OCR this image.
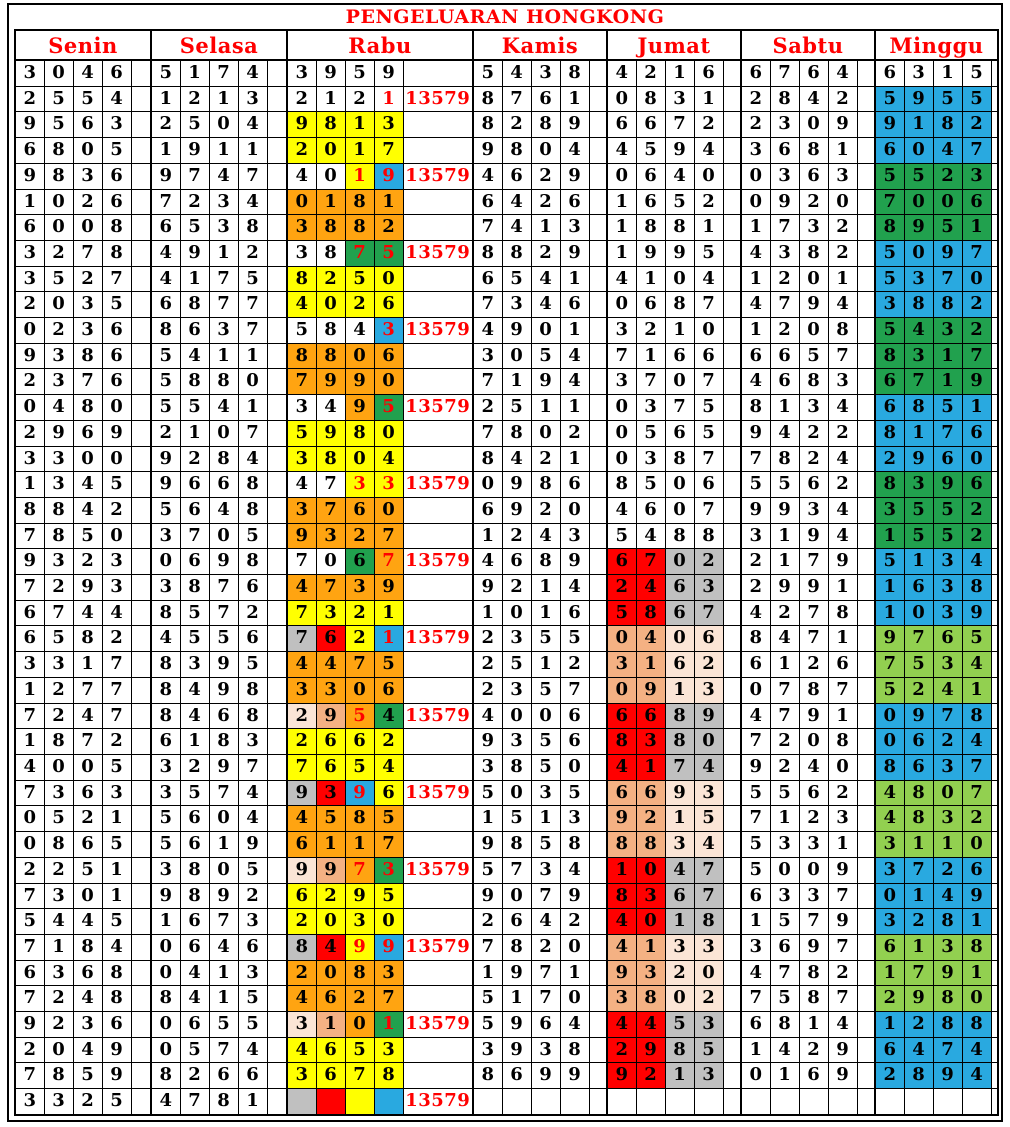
PENGELUARAN HONGKONG
Senin					Selasa					Rabu					Kamis					Jumat					Sabtu					Minggu				
3	0	4	6		5	1	7	4		3	9	5	9		5	4	3	8		4	2	1	6		6	7	6	4		6	3	1	5	
2	5	5	4		1	2	1	3		2	1	2	1	13579	8	7	6	1		0	8	3	1		2	8	4	2		5	9	5	5	
9	5	6	3		2	5	0	4		9	8	1	3		8	2	8	9		6	6	7	2		2	3	0	9		9	1	8	2	
6	8	0	5		1	9	1	1		2	0	1	7		9	8	0	4		4	5	9	4		3	6	8	1		6	0	4	7	
9	8	3	6		9	7	4	7		4	0	1	9	13579	4	6	2	9		0	6	4	0		0	3	6	3		5	5	2	3	
1	0	2	6		7	2	3	4		0	1	8	1		6	4	2	6		1	6	5	2		0	9	2	0		7	0	0	6	
6	0	0	8		6	5	3	8		3	8	8	2		7	4	1	3		1	8	8	1		1	7	3	2		8	9	5	1	
3	2	7	8		4	9	1	2		3	8	7	5	13579	8	8	2	9		1	9	9	5		4	3	8	2		5	0	9	7	
3	5	2	7		4	1	7	5		8	2	5	0		6	5	4	1		4	1	0	4		1	2	0	1		5	3	7	0	
2	0	3	5		6	8	7	7		4	0	2	6		7	3	4	6		0	6	8	7		4	7	9	4		3	8	8	2	
0	2	3	6		8	6	3	7		5	8	4	3	13579	4	9	0	1		3	2	1	0		1	2	0	8		5	4	3	2	
9	3	8	6		5	4	1	1		8	8	0	6		3	0	5	4		7	1	6	6		6	6	5	7		8	3	1	7	
2	3	7	6		5	8	8	0		7	9	9	0		7	1	9	4		3	7	0	7		4	6	8	3		6	7	1	9	
0	4	8	0		5	5	4	1		3	4	9	5	13579	2	5	1	1		0	3	7	5		8	1	3	4		6	8	5	1	
2	9	6	9		2	1	0	7		5	9	8	0		7	8	0	2		0	5	6	5		9	4	2	2		8	1	7	6	
3	3	0	0		9	2	8	4		3	8	0	4		8	4	2	1		0	3	8	7		7	8	2	4		2	9	6	0	
1	3	4	5		9	6	6	8		4	7	3	3	13579	0	9	8	6		8	5	0	6		5	5	6	2		8	3	9	6	
8	8	4	2		5	6	4	8		3	7	6	0		6	9	2	0		4	6	0	7		9	9	3	4		3	5	5	2	
7	8	5	0		3	7	0	5		9	3	2	7		1	2	4	3		5	4	8	8		3	1	9	4		1	5	5	2	
9	3	2	3		0	6	9	8		7	0	6	7	13579	4	6	8	9		6	7	0	2		2	1	7	9		5	1	3	4	
7	2	9	3		3	8	7	6		4	7	3	9		9	2	1	4		2	4	6	3		2	9	9	1		1	6	3	8	
6	7	4	4		8	5	7	2		7	3	2	1		1	0	1	6		5	8	6	7		4	2	7	8		1	0	3	9	
6	5	8	2		4	5	5	6		7	6	2	1	13579	2	3	5	5		0	4	0	6		8	4	7	1		9	7	6	5	
3	3	1	7		8	3	9	5		4	4	7	5		2	5	1	2		3	1	6	2		6	1	2	6		7	5	3	4	
1	2	7	7		8	4	9	8		3	3	0	6		2	3	5	7		0	9	1	3		0	7	8	7		5	2	4	1	
7	2	4	7		8	4	6	8		2	9	5	4	13579	4	0	0	6		6	6	8	9		4	7	9	1		0	9	7	8	
1	8	7	2		6	1	8	3		2	6	6	2		9	3	5	6		8	3	8	0		7	2	0	8		0	6	2	4	
4	0	0	5		3	2	9	7		7	6	5	4		3	8	5	0		4	1	7	4		9	2	4	0		8	6	3	7	
7	3	6	3		3	5	7	4		9	3	9	6	13579	5	0	3	5		6	6	9	3		5	5	6	2		4	8	0	7	
0	5	2	1		5	6	0	4		4	5	8	5		1	5	1	3		9	2	1	5		7	1	2	3		4	8	3	2	
0	8	6	5		5	6	1	9		6	1	1	7		9	8	5	8		8	8	3	4		5	3	3	1		3	1	1	0	
2	2	5	1		3	8	0	5		9	9	7	3	13579	5	7	3	4		1	0	4	7		5	0	0	9		3	7	2	6	
7	3	0	1		9	8	9	2		6	2	9	5		9	0	7	9		8	3	6	7		6	3	3	7		0	1	4	9	
5	4	4	5		1	6	7	3		2	0	3	0		2	6	4	2		4	0	1	8		1	5	7	9		3	2	8	1	
7	1	8	4		0	6	4	6		8	4	9	9	13579	7	8	2	0		4	1	3	3		3	6	9	7		6	1	3	8	
6	3	6	8		0	4	1	3		2	0	8	3		1	9	7	1		9	3	2	0		4	7	8	2		1	7	9	1	
7	2	4	8		8	4	1	5		4	6	2	7		5	1	7	0		3	8	0	2		7	5	8	7		2	9	8	0	
9	2	3	6		0	6	5	5		3	1	0	1	13579	5	9	6	4		4	4	5	3		6	8	1	4		1	2	8	8	
2	0	4	9		0	5	7	4		4	6	5	3		3	9	3	8		2	9	8	5		1	4	2	9		6	4	7	4	
7	8	5	9		8	2	6	6		3	6	7	8		8	6	9	9		9	2	1	3		0	1	6	9		2	8	9	4	
3	3	2	5		4	7	8	1						13579																				
